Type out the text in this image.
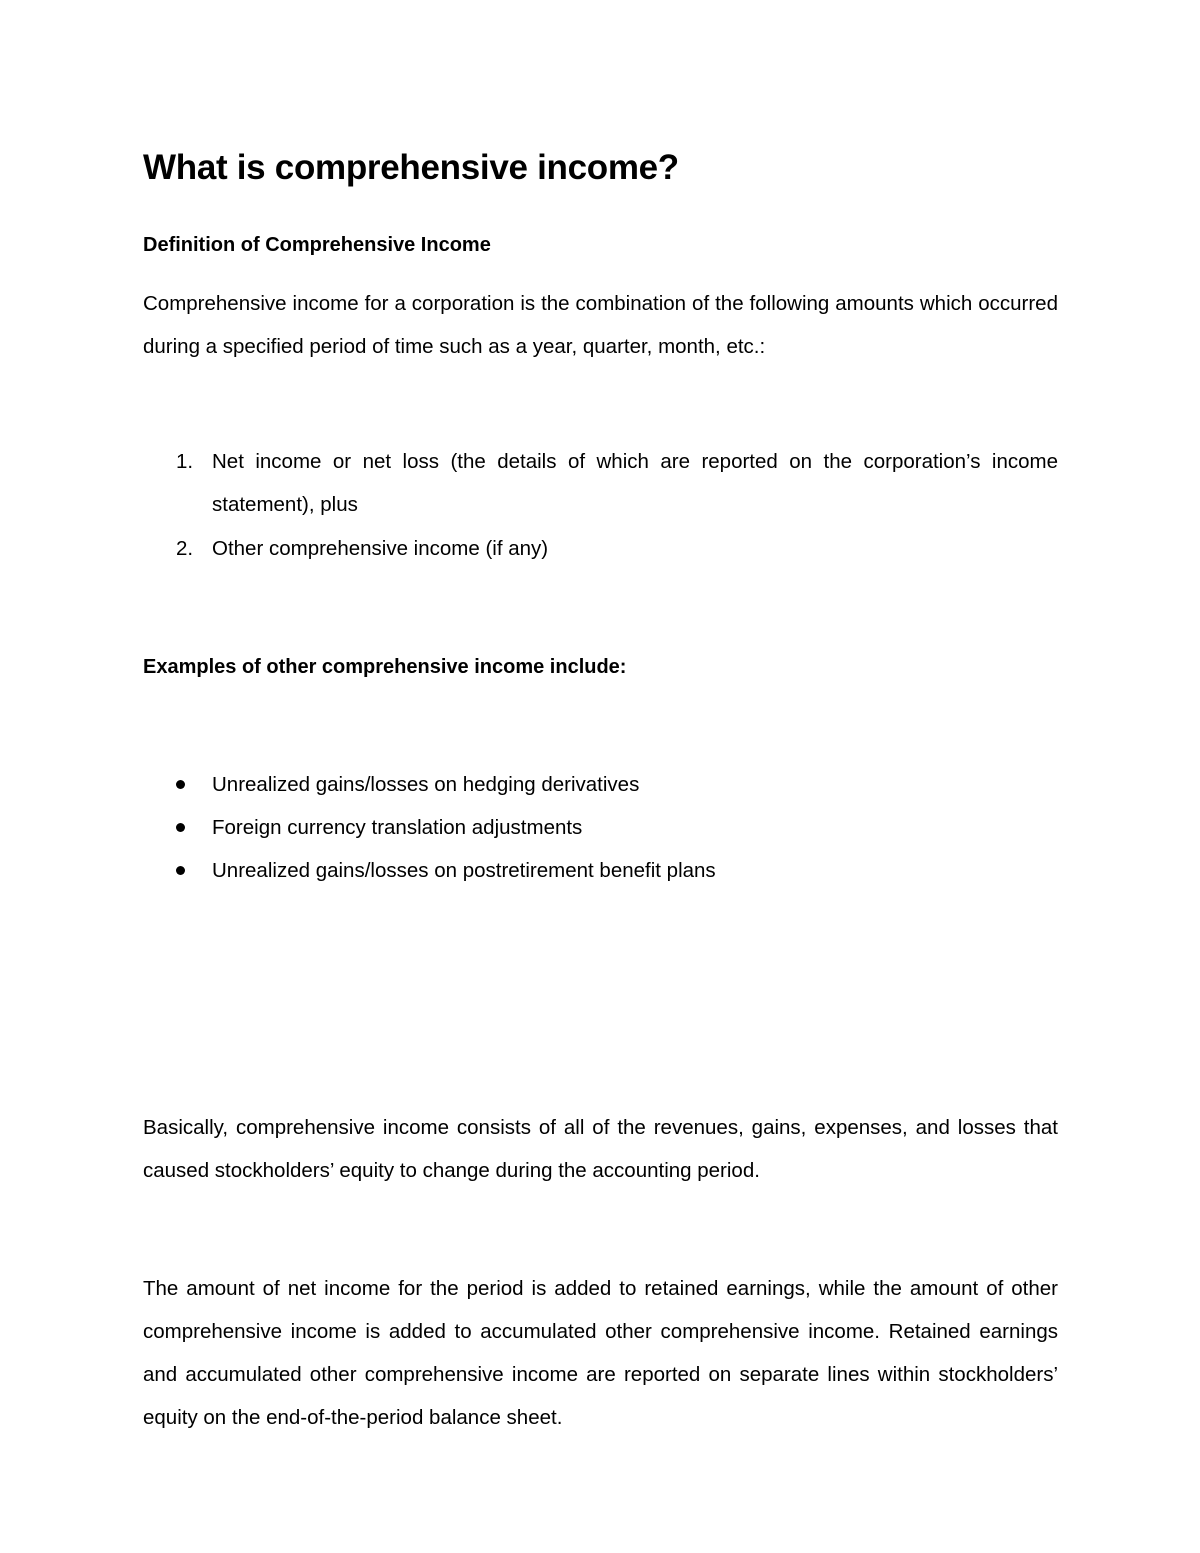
What is comprehensive income?

Definition of Comprehensive Income

Comprehensive income for a corporation is the combination of the following amounts which occurred during a specified period of time such as a year, quarter, month, etc.:

1. Net income or net loss (the details of which are reported on the corporation’s income statement), plus
2. Other comprehensive income (if any)

Examples of other comprehensive income include:

Unrealized gains/losses on hedging derivatives
Foreign currency translation adjustments
Unrealized gains/losses on postretirement benefit plans

Basically, comprehensive income consists of all of the revenues, gains, expenses, and losses that caused stockholders’ equity to change during the accounting period.

The amount of net income for the period is added to retained earnings, while the amount of other comprehensive income is added to accumulated other comprehensive income. Retained earnings and accumulated other comprehensive income are reported on separate lines within stockholders’ equity on the end-of-the-period balance sheet.
